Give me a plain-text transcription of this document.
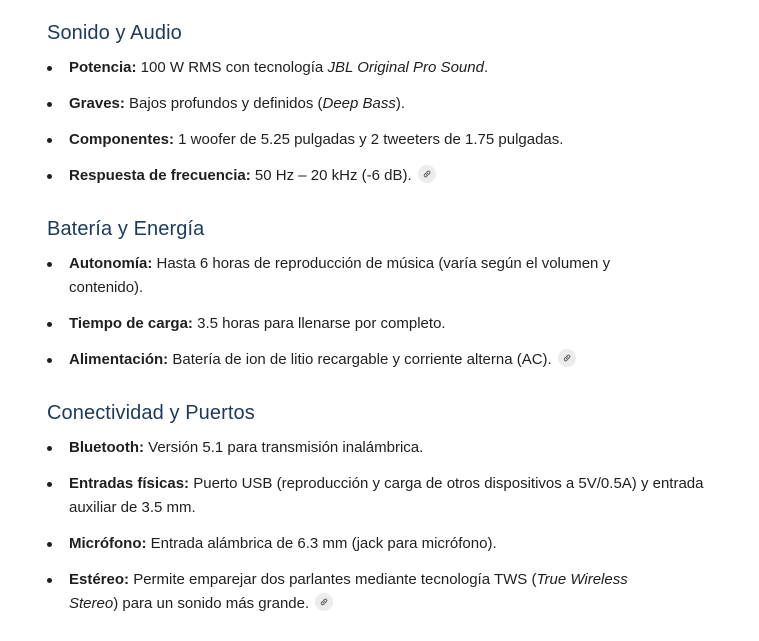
Sonido y Audio
Potencia: 100 W RMS con tecnología JBL Original Pro Sound.
Graves: Bajos profundos y definidos (Deep Bass).
Componentes: 1 woofer de 5.25 pulgadas y 2 tweeters de 1.75 pulgadas.
Respuesta de frecuencia: 50 Hz – 20 kHz (-6 dB).
Batería y Energía
Autonomía: Hasta 6 horas de reproducción de música (varía según el volumen y contenido).
Tiempo de carga: 3.5 horas para llenarse por completo.
Alimentación: Batería de ion de litio recargable y corriente alterna (AC).
Conectividad y Puertos
Bluetooth: Versión 5.1 para transmisión inalámbrica.
Entradas físicas: Puerto USB (reproducción y carga de otros dispositivos a 5V/0.5A) y entrada auxiliar de 3.5 mm.
Micrófono: Entrada alámbrica de 6.3 mm (jack para micrófono).
Estéreo: Permite emparejar dos parlantes mediante tecnología TWS (True Wireless Stereo) para un sonido más grande.
